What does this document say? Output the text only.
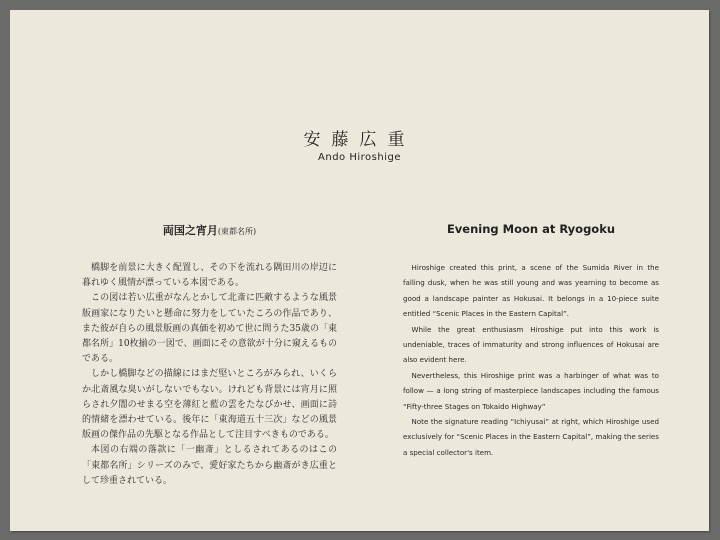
安藤広重
Ando Hiroshige
両国之宵月(東都名所)

橋脚を前景に大きく配置し、その下を流れる隅田川の岸辺に暮れゆく風情が漂っている本図である。

この図は若い広重がなんとかして北斎に匹敵するような風景版画家になりたいと懸命に努力をしていたころの作品であり、また彼が自らの風景版画の真価を初めて世に問うた35歳の「東都名所」10枚揃の一図で、画面にその意欲が十分に窺えるものである。

しかし橋脚などの描線にはまだ堅いところがみられ、いくらか北斎風な臭いがしないでもない。けれども背景には宵月に照らされ夕闇のせまる空を薄紅と藍の雲をたなびかせ、画面に詩的情緒を漂わせている。後年に「東海道五十三次」などの風景版画の傑作品の先駆となる作品として注目すべきものである。

本図の右端の落款に「一幽斎」としるされてあるのはこの「東都名所」シリーズのみで、愛好家たちから幽斎がき広重として珍重されている。

Evening Moon at Ryogoku

Hiroshige created this print, a scene of the Sumida River in the falling dusk, when he was still young and was yearning to become as good a landscape painter as Hokusai. It belongs in a 10-piece suite entitled “Scenic Places in the Eastern Capital”.

While the great enthusiasm Hiroshige put into this work is undeniable, traces of immaturity and strong influences of Hokusai are also evident here.

Nevertheless, this Hiroshige print was a harbinger of what was to follow — a long string of masterpiece landscapes including the famous “Fifty-three Stages on Tokaido Highway”

Note the signature reading “Ichiyusai” at right, which Hiroshige used exclusively for “Scenic Places in the Eastern Capital”, making the series a special collector's item.
